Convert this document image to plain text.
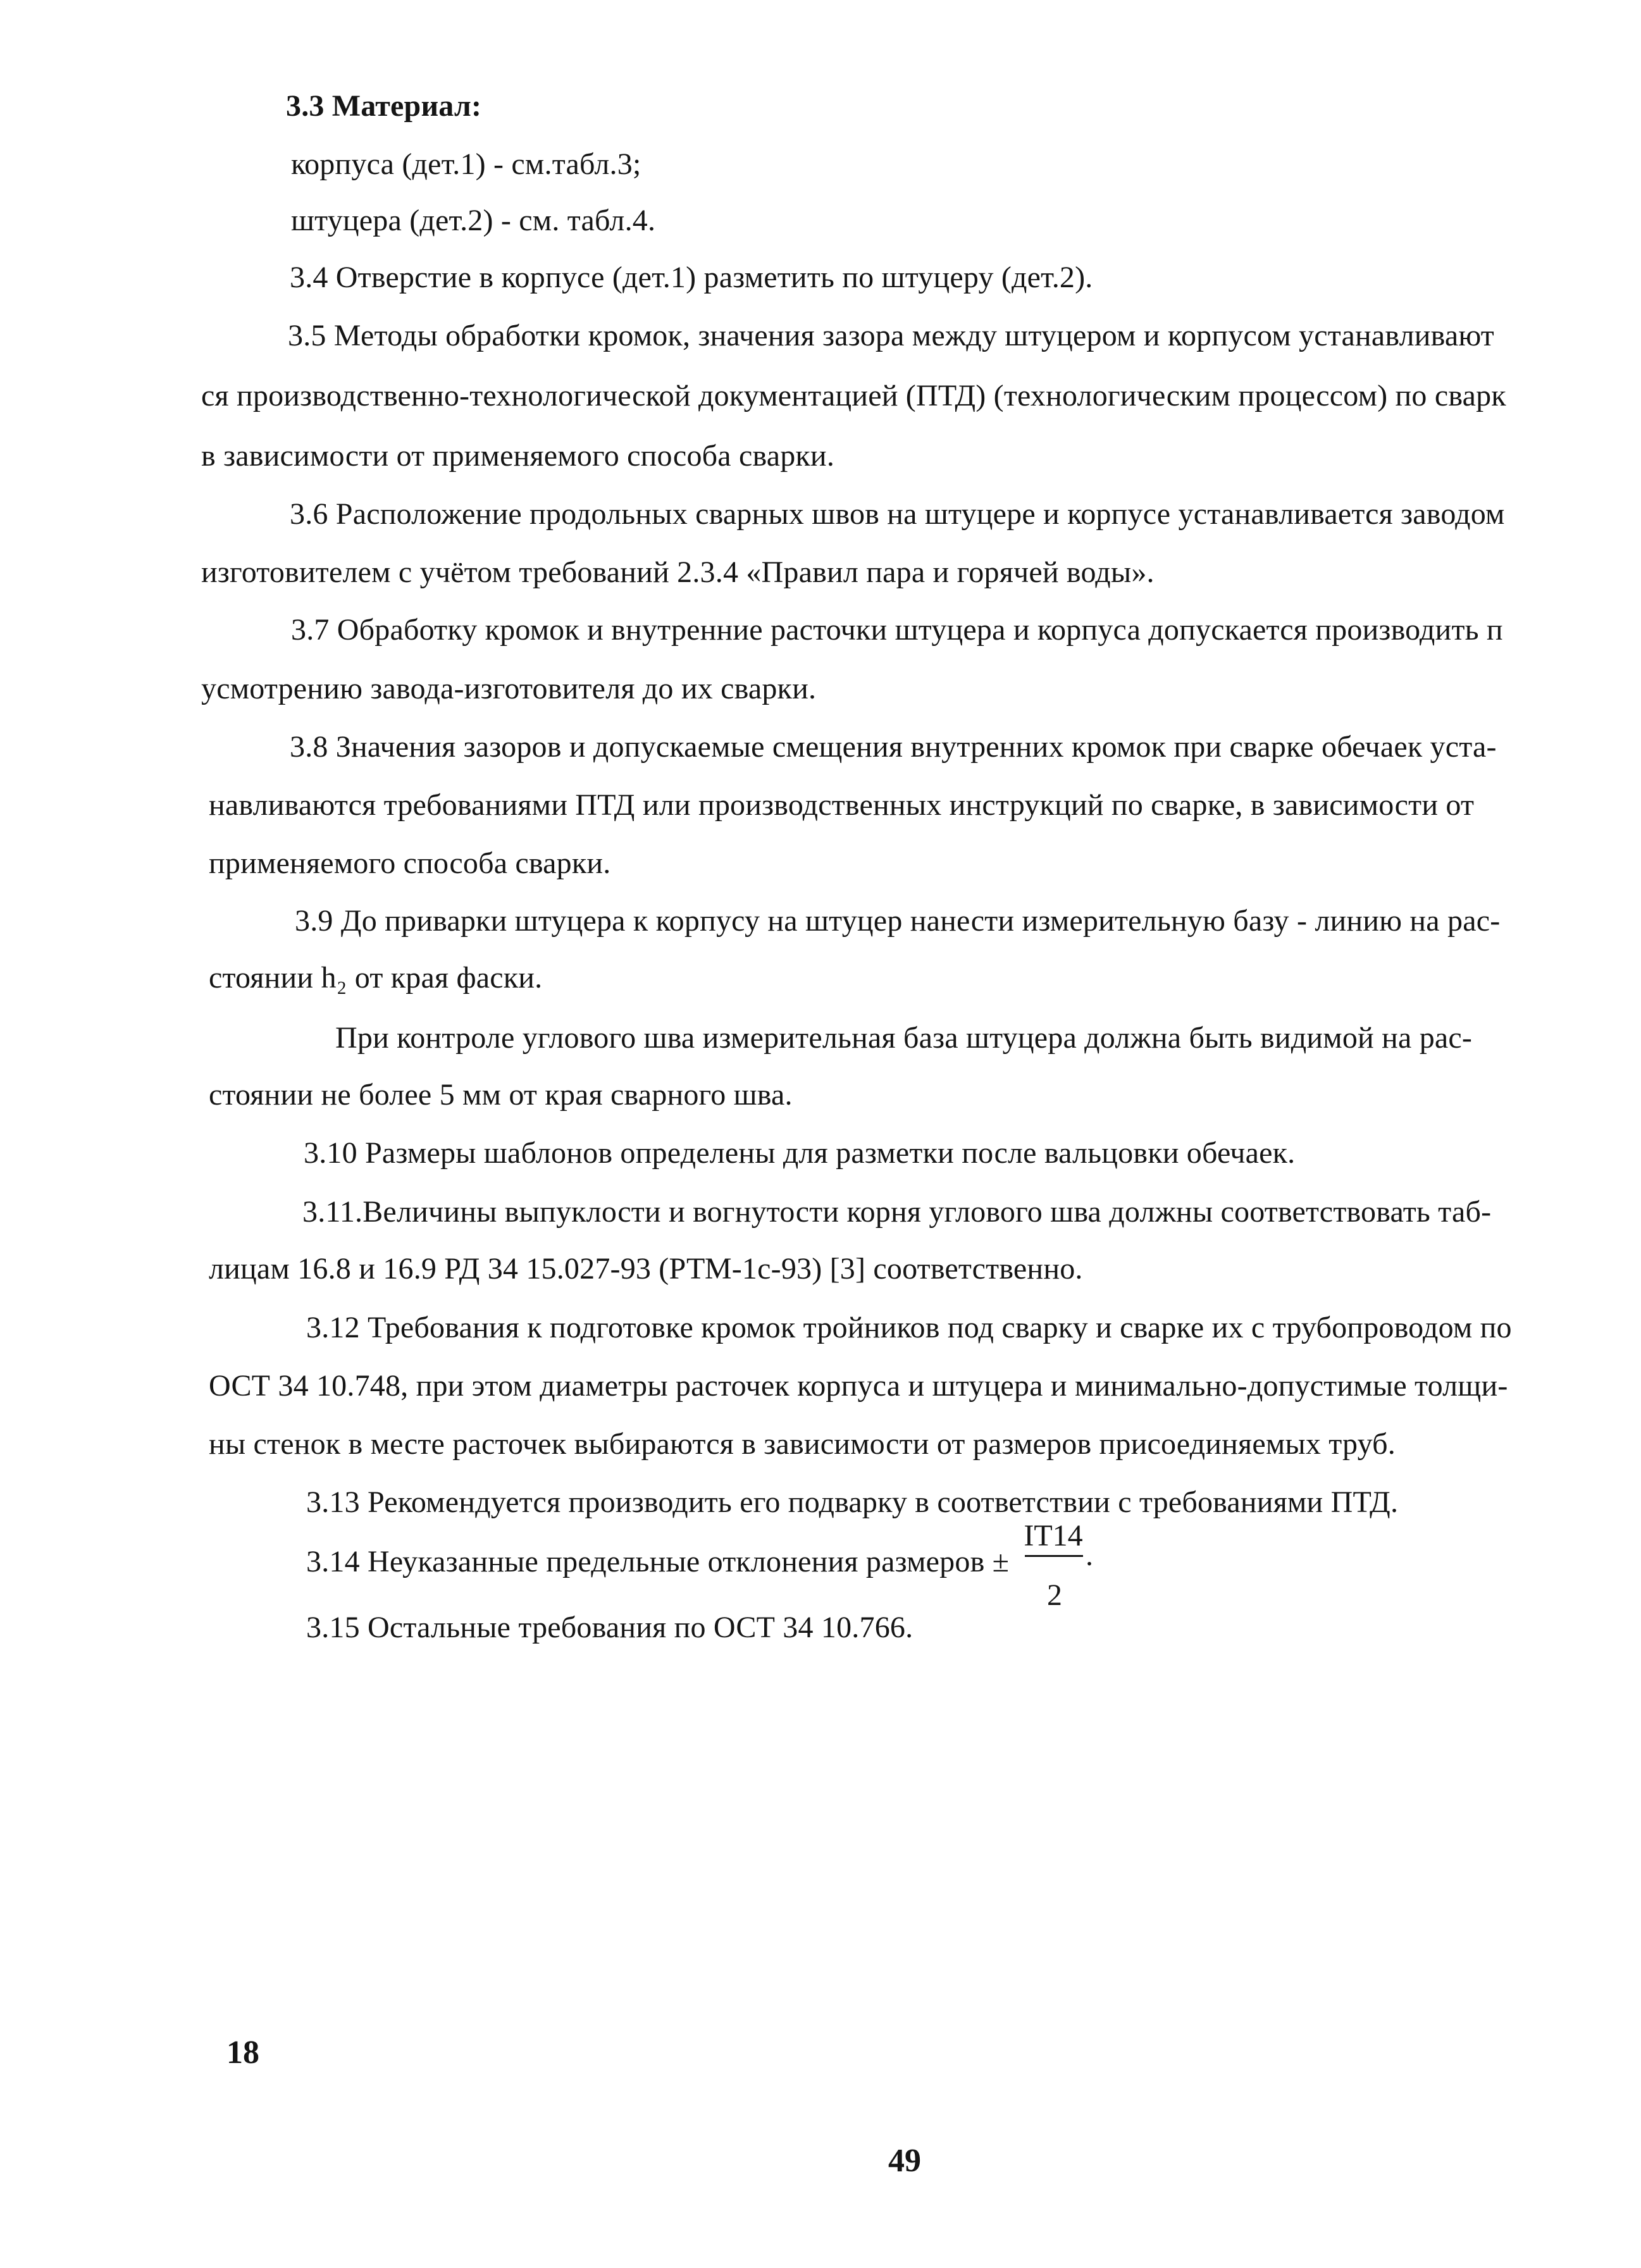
3.3 Материал:
корпуса (дет.1) - см.табл.3;
штуцера (дет.2) - см. табл.4.
3.4 Отверстие в корпусе (дет.1) разметить по штуцеру (дет.2).
3.5 Методы обработки кромок, значения зазора между штуцером и корпусом устанавливают
ся производственно-технологической документацией (ПТД) (технологическим процессом) по сварк
в зависимости от применяемого способа сварки.
3.6 Расположение продольных сварных швов на штуцере и корпусе устанавливается заводом
изготовителем с учётом требований 2.3.4 «Правил пара и горячей воды».
3.7 Обработку кромок и внутренние расточки штуцера и корпуса допускается производить п
усмотрению завода-изготовителя до их сварки.
3.8 Значения зазоров и допускаемые смещения внутренних кромок при сварке обечаек уста-
навливаются требованиями ПТД или производственных инструкций по сварке, в зависимости от
применяемого способа сварки.
3.9 До приварки штуцера к корпусу на штуцер нанести измерительную базу - линию на рас-
стоянии h₂ от края фаски.
При контроле углового шва измерительная база штуцера должна быть видимой на рас-
стоянии не более 5 мм от края сварного шва.
3.10 Размеры шаблонов определены для разметки после вальцовки обечаек.
3.11.Величины выпуклости и вогнутости корня углового шва должны соответствовать таб-
лицам 16.8 и 16.9 РД 34 15.027-93 (РТМ-1с-93) [3] соответственно.
3.12 Требования к подготовке кромок тройников под сварку и сварке их с трубопроводом по
ОСТ 34 10.748, при этом диаметры расточек корпуса и штуцера и минимально-допустимые толщи-
ны стенок в месте расточек выбираются в зависимости от размеров присоединяемых труб.
3.13 Рекомендуется производить его подварку в соответствии с требованиями ПТД.
3.14 Неуказанные предельные отклонения размеров ±
IT14
.
2
3.15 Остальные требования по ОСТ 34 10.766.
18
49
